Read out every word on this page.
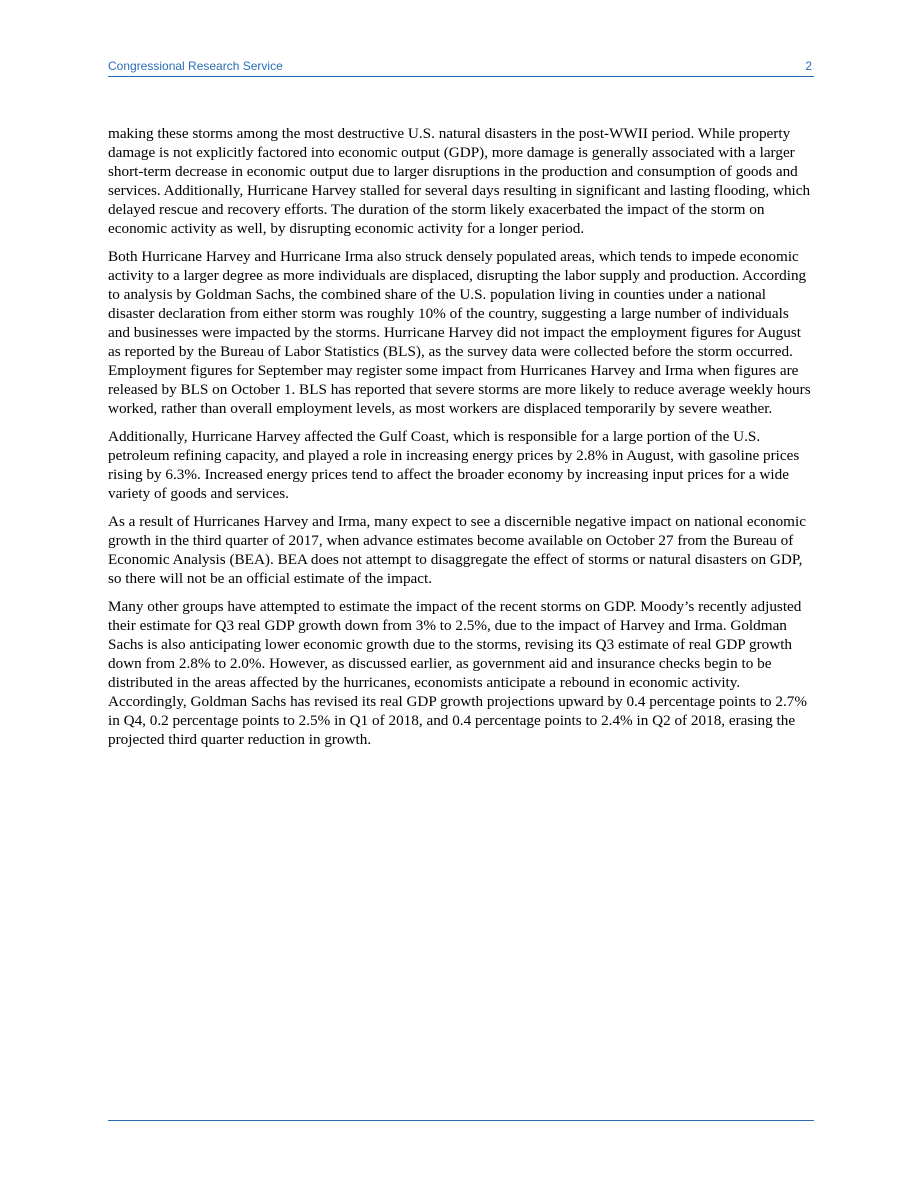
Congressional Research Service	2

making these storms among the most destructive U.S. natural disasters in the post-WWII period. While property damage is not explicitly factored into economic output (GDP), more damage is generally associated with a larger short-term decrease in economic output due to larger disruptions in the production and consumption of goods and services. Additionally, Hurricane Harvey stalled for several days resulting in significant and lasting flooding, which delayed rescue and recovery efforts. The duration of the storm likely exacerbated the impact of the storm on economic activity as well, by disrupting economic activity for a longer period.

Both Hurricane Harvey and Hurricane Irma also struck densely populated areas, which tends to impede economic activity to a larger degree as more individuals are displaced, disrupting the labor supply and production. According to analysis by Goldman Sachs, the combined share of the U.S. population living in counties under a national disaster declaration from either storm was roughly 10% of the country, suggesting a large number of individuals and businesses were impacted by the storms. Hurricane Harvey did not impact the employment figures for August as reported by the Bureau of Labor Statistics (BLS), as the survey data were collected before the storm occurred. Employment figures for September may register some impact from Hurricanes Harvey and Irma when figures are released by BLS on October 1. BLS has reported that severe storms are more likely to reduce average weekly hours worked, rather than overall employment levels, as most workers are displaced temporarily by severe weather.

Additionally, Hurricane Harvey affected the Gulf Coast, which is responsible for a large portion of the U.S. petroleum refining capacity, and played a role in increasing energy prices by 2.8% in August, with gasoline prices rising by 6.3%. Increased energy prices tend to affect the broader economy by increasing input prices for a wide variety of goods and services.

As a result of Hurricanes Harvey and Irma, many expect to see a discernible negative impact on national economic growth in the third quarter of 2017, when advance estimates become available on October 27 from the Bureau of Economic Analysis (BEA). BEA does not attempt to disaggregate the effect of storms or natural disasters on GDP, so there will not be an official estimate of the impact.

Many other groups have attempted to estimate the impact of the recent storms on GDP. Moody’s recently adjusted their estimate for Q3 real GDP growth down from 3% to 2.5%, due to the impact of Harvey and Irma. Goldman Sachs is also anticipating lower economic growth due to the storms, revising its Q3 estimate of real GDP growth down from 2.8% to 2.0%. However, as discussed earlier, as government aid and insurance checks begin to be distributed in the areas affected by the hurricanes, economists anticipate a rebound in economic activity. Accordingly, Goldman Sachs has revised its real GDP growth projections upward by 0.4 percentage points to 2.7% in Q4, 0.2 percentage points to 2.5% in Q1 of 2018, and 0.4 percentage points to 2.4% in Q2 of 2018, erasing the projected third quarter reduction in growth.
